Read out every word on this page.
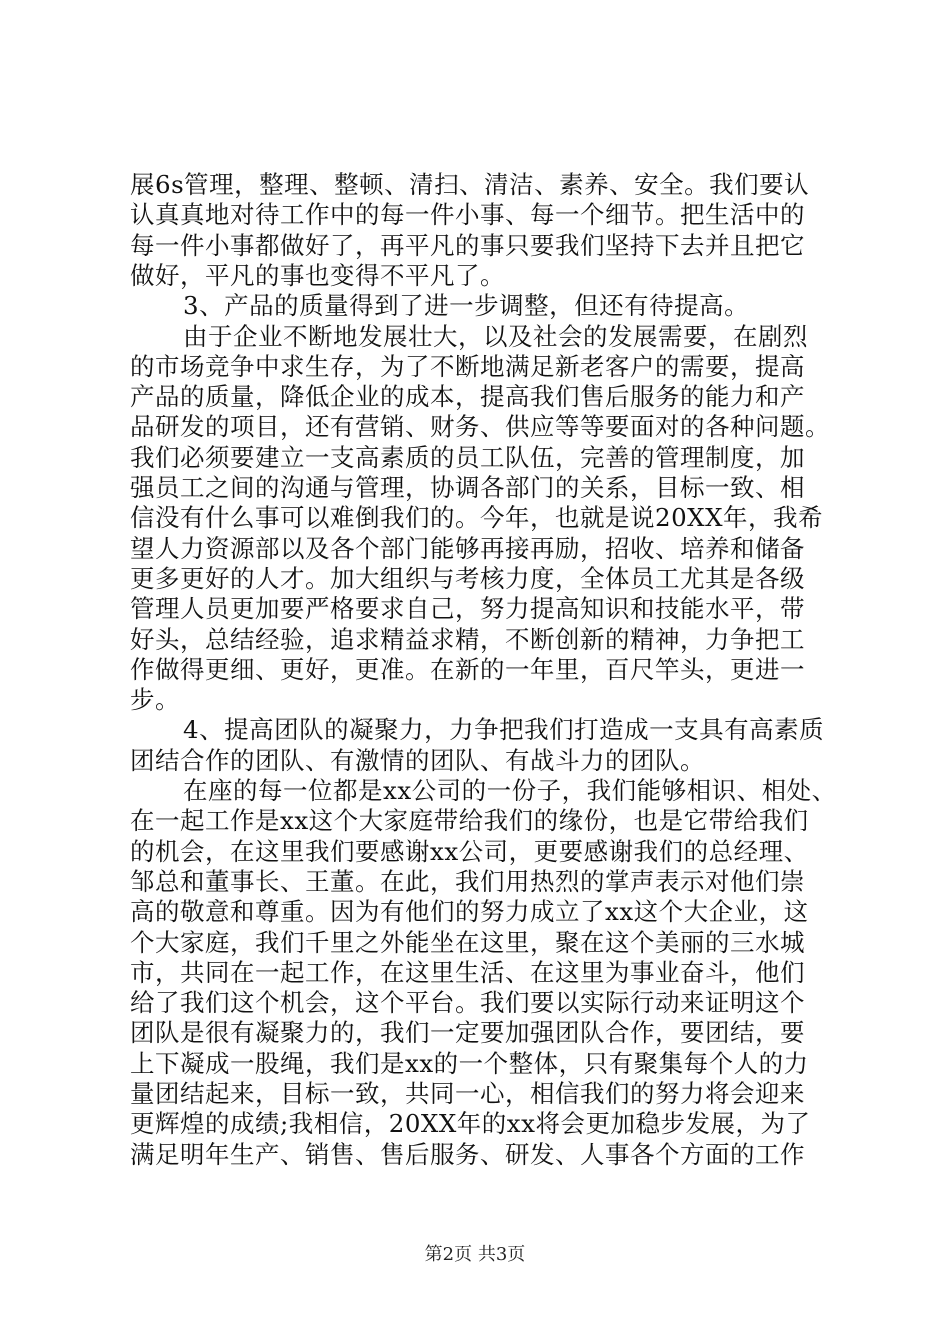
展6s管理，整理、整顿、清扫、清洁、素养、安全。我们要认
认真真地对待工作中的每一件小事、每一个细节。把生活中的
每一件小事都做好了，再平凡的事只要我们坚持下去并且把它
做好，平凡的事也变得不平凡了。
3、产品的质量得到了进一步调整，但还有待提高。
由于企业不断地发展壮大，以及社会的发展需要，在剧烈
的市场竞争中求生存，为了不断地满足新老客户的需要，提高
产品的质量，降低企业的成本，提高我们售后服务的能力和产
品研发的项目，还有营销、财务、供应等等要面对的各种问题。
我们必须要建立一支高素质的员工队伍，完善的管理制度，加
强员工之间的沟通与管理，协调各部门的关系，目标一致、相
信没有什么事可以难倒我们的。今年，也就是说20XX年，我希
望人力资源部以及各个部门能够再接再励，招收、培养和储备
更多更好的人才。加大组织与考核力度，全体员工尤其是各级
管理人员更加要严格要求自己，努力提高知识和技能水平，带
好头，总结经验，追求精益求精，不断创新的精神，力争把工
作做得更细、更好，更准。在新的一年里，百尺竿头，更进一
步。
4、提高团队的凝聚力，力争把我们打造成一支具有高素质
团结合作的团队、有激情的团队、有战斗力的团队。
在座的每一位都是xx公司的一份子，我们能够相识、相处、
在一起工作是xx这个大家庭带给我们的缘份，也是它带给我们
的机会，在这里我们要感谢xx公司，更要感谢我们的总经理、
邹总和董事长、王董。在此，我们用热烈的掌声表示对他们崇
高的敬意和尊重。因为有他们的努力成立了xx这个大企业，这
个大家庭，我们千里之外能坐在这里，聚在这个美丽的三水城
市，共同在一起工作，在这里生活、在这里为事业奋斗，他们
给了我们这个机会，这个平台。我们要以实际行动来证明这个
团队是很有凝聚力的，我们一定要加强团队合作，要团结，要
上下凝成一股绳，我们是xx的一个整体，只有聚集每个人的力
量团结起来，目标一致，共同一心，相信我们的努力将会迎来
更辉煌的成绩;我相信，20XX年的xx将会更加稳步发展，为了
满足明年生产、销售、售后服务、研发、人事各个方面的工作
第2页 共3页
